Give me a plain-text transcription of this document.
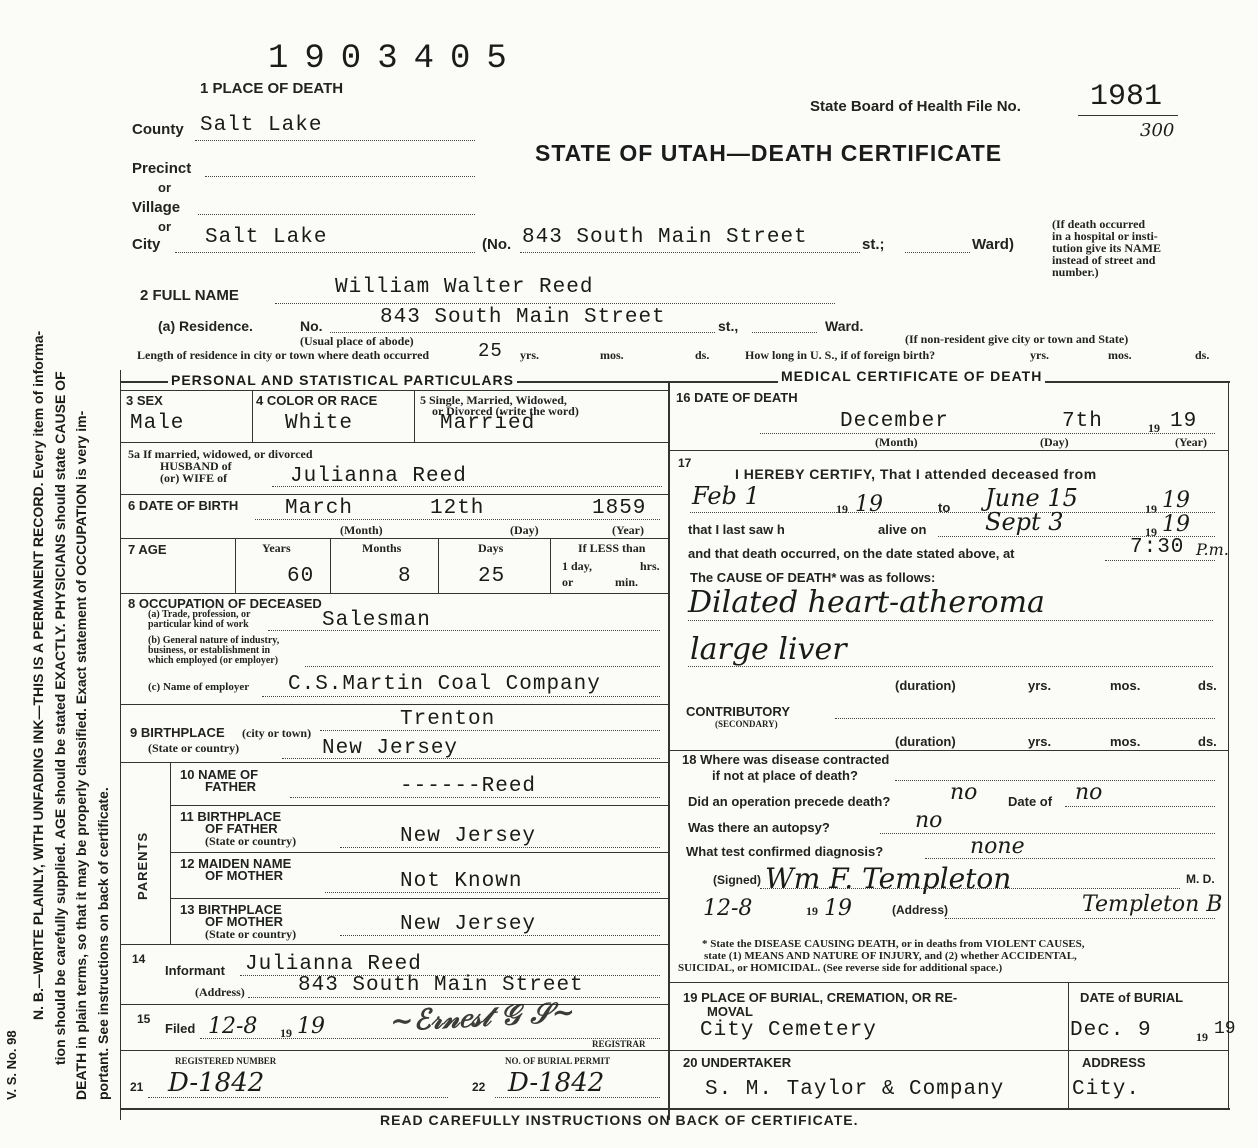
N. B.—WRITE PLAINLY, WITH UNFADING INK—THIS IS A PERMANENT RECORD. Every item of informa- tion should be carefully supplied. AGE should be stated EXACTLY. PHYSICIANS should state CAUSE OF DEATH in plain terms, so that it may be properly classified. Exact statement of OCCUPATION is very im- portant. See instructions on back of certificate.
V. S. No. 98
1903405
1 PLACE OF DEATH
State Board of Health File No. 1981
300
STATE OF UTAH—DEATH CERTIFICATE
County Salt Lake
Precinct
or
Village
or
City Salt Lake	(No. 843 South Main Street	st.;	Ward)
(If death occurred
in a hospital or insti-
tution give its NAME
instead of street and
number.)
2 FULL NAME	William Walter Reed
(a) Residence.	No.	843 South Main Street	st.,	Ward.
(Usual place of abode)	(If non-resident give city or town and State)
Length of residence in city or town where death occurred	25 yrs.	mos.	ds.	How long in U. S., if of foreign birth?	yrs.	mos.	ds.
PERSONAL AND STATISTICAL PARTICULARS	MEDICAL CERTIFICATE OF DEATH
3 SEX
Male
4 COLOR OR RACE
White
5 Single, Married, Widowed,
or Divorced (write the word)
Married
5a If married, widowed, or divorced
HUSBAND of
(or) WIFE of	Julianna Reed
6 DATE OF BIRTH March	12th	1859
(Month)	(Day)	(Year)
7 AGE	Years	Months	Days
60	8	25
If LESS than
1 day,	hrs.
or	min.
8 OCCUPATION OF DECEASED
(a) Trade, profession, or
particular kind of work	Salesman
(b) General nature of industry,
business, or establishment in
which employed (or employer)
(c) Name of employer C.S.Martin Coal Company
9 BIRTHPLACE (city or town)
Trenton
(State or country)	New Jersey
PARENTS
10 NAME OF
FATHER	------Reed
11 BIRTHPLACE
OF FATHER
(State or country)	New Jersey
12 MAIDEN NAME
OF MOTHER	Not Known
13 BIRTHPLACE
OF MOTHER
(State or country)	New Jersey
14
Informant Julianna Reed
(Address)	843 South Main Street
15
Filed 12-8 19 19 ~ℰ𝓇𝓃𝑒𝓈𝓉 𝒢 𝒮~
REGISTRAR
REGISTERED NUMBER	NO. OF BURIAL PERMIT
21 D-1842	22 D-1842
16 DATE OF DEATH
December	7th	19 19
(Month)	(Day)	(Year)
17
I HEREBY CERTIFY, That I attended deceased from
Feb 1	19 19	to June 15	19 19
that I last saw h	alive on Sept 3	19 19
and that death occurred, on the date stated above, at	7:30 P.m.
The CAUSE OF DEATH* was as follows:
Dilated heart-atheroma
large liver
(duration)	yrs.	mos.	ds.
CONTRIBUTORY
(SECONDARY)
(duration)	yrs.	mos.	ds.
18 Where was disease contracted
if not at place of death?
Did an operation precede death?	no Date of no
Was there an autopsy?	no
What test confirmed diagnosis?	none
(Signed) Wm F. Templeton	M. D.
12-8	19 19	(Address)	Templeton B
* State the DISEASE CAUSING DEATH, or in deaths from VIOLENT CAUSES,
state (1) MEANS AND NATURE OF INJURY, and (2) whether ACCIDENTAL,
SUICIDAL, or HOMICIDAL. (See reverse side for additional space.)
19 PLACE OF BURIAL, CREMATION, OR RE-
MOVAL
City Cemetery
DATE of BURIAL
Dec. 9	19 19
20 UNDERTAKER	ADDRESS
S. M. Taylor & Company	City.
READ CAREFULLY INSTRUCTIONS ON BACK OF CERTIFICATE.
